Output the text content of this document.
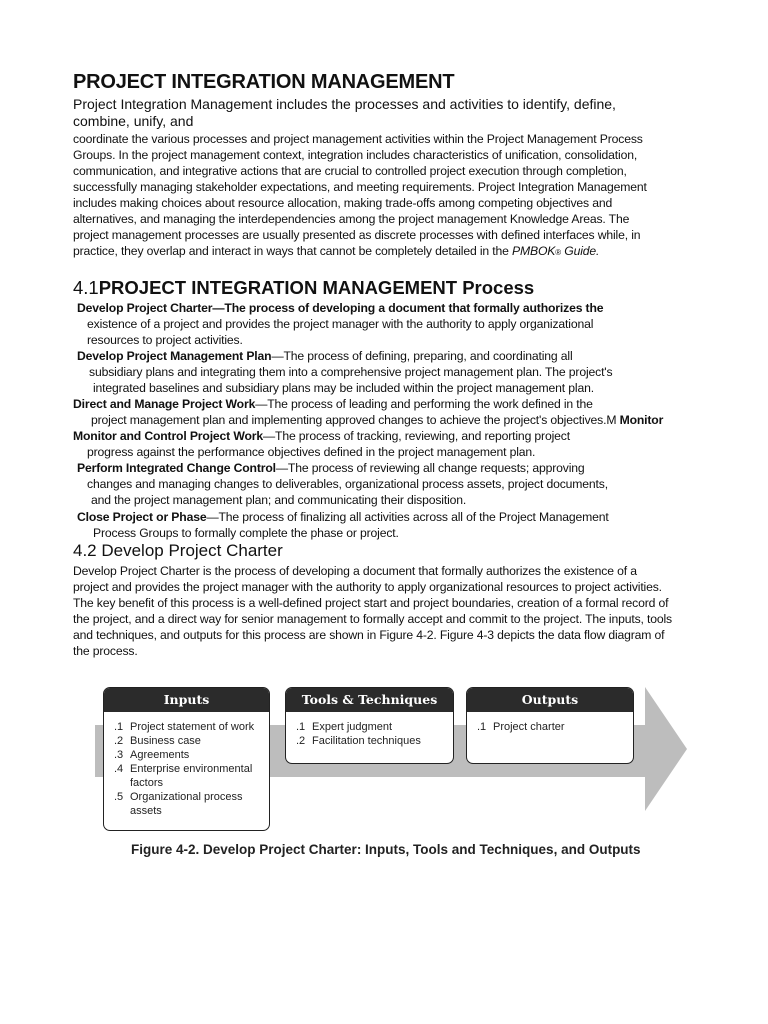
PROJECT INTEGRATION MANAGEMENT
Project Integration Management includes the processes and activities to identify, define, combine, unify, and
coordinate the various processes and project management activities within the Project Management Process
Groups. In the project management context, integration includes characteristics of unification, consolidation,
communication, and integrative actions that are crucial to controlled project execution through completion,
successfully managing stakeholder expectations, and meeting requirements. Project Integration Management
includes making choices about resource allocation, making trade-offs among competing objectives and
alternatives, and managing the interdependencies among the project management Knowledge Areas. The
project management processes are usually presented as discrete processes with defined interfaces while, in
practice, they overlap and interact in ways that cannot be completely detailed in the PMBOK® Guide.
4.1PROJECT INTEGRATION MANAGEMENT Process
Develop Project Charter—The process of developing a document that formally authorizes the
existence of a project and provides the project manager with the authority to apply organizational
resources to project activities.
Develop Project Management Plan—The process of defining, preparing, and coordinating all
subsidiary plans and integrating them into a comprehensive project management plan. The project's
integrated baselines and subsidiary plans may be included within the project management plan.
Direct and Manage Project Work—The process of leading and performing the work defined in the
project management plan and implementing approved changes to achieve the project's objectives.M Monitor
Monitor and Control Project Work—The process of tracking, reviewing, and reporting project
progress against the performance objectives defined in the project management plan.
Perform Integrated Change Control—The process of reviewing all change requests; approving
changes and managing changes to deliverables, organizational process assets, project documents,
and the project management plan; and communicating their disposition.
Close Project or Phase—The process of finalizing all activities across all of the Project Management
Process Groups to formally complete the phase or project.
4.2 Develop Project Charter
Develop Project Charter is the process of developing a document that formally authorizes the existence of a
project and provides the project manager with the authority to apply organizational resources to project activities.
The key benefit of this process is a well-defined project start and project boundaries, creation of a formal record of
the project, and a direct way for senior management to formally accept and commit to the project. The inputs, tools
and techniques, and outputs for this process are shown in Figure 4-2. Figure 4-3 depicts the data flow diagram of
the process.
Inputs
.1 Project statement of work
.2 Business case
.3 Agreements
.4 Enterprise environmental factors
.5 Organizational process assets
Tools & Techniques
.1 Expert judgment
.2 Facilitation techniques
Outputs
.1 Project charter
Figure 4-2. Develop Project Charter: Inputs, Tools and Techniques, and Outputs
